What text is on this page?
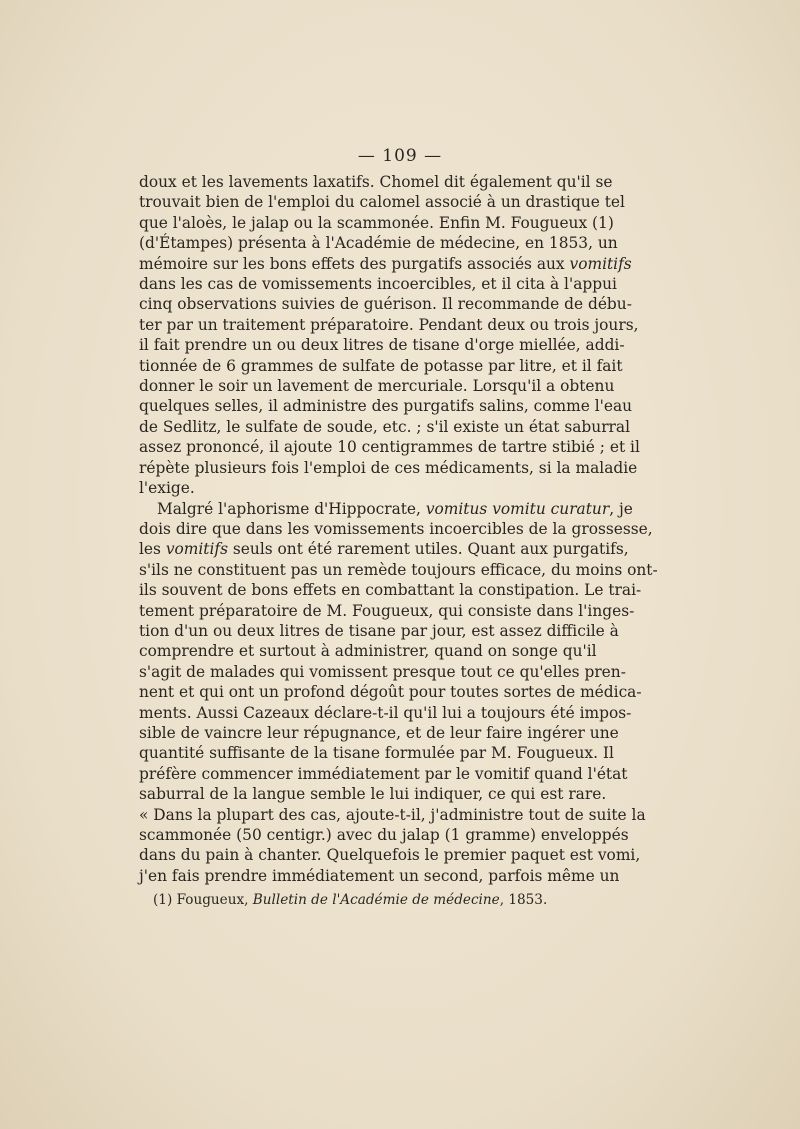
— 109 —
doux et les lavements laxatifs. Chomel dit également qu'il se
trouvait bien de l'emploi du calomel associé à un drastique tel
que l'aloès, le jalap ou la scammonée. Enfin M. Fougueux (1)
(d'Étampes) présenta à l'Académie de médecine, en 1853, un
mémoire sur les bons effets des purgatifs associés aux vomitifs
dans les cas de vomissements incoercibles, et il cita à l'appui
cinq observations suivies de guérison. Il recommande de débu-
ter par un traitement préparatoire. Pendant deux ou trois jours,
il fait prendre un ou deux litres de tisane d'orge miellée, addi-
tionnée de 6 grammes de sulfate de potasse par litre, et il fait
donner le soir un lavement de mercuriale. Lorsqu'il a obtenu
quelques selles, il administre des purgatifs salins, comme l'eau
de Sedlitz, le sulfate de soude, etc. ; s'il existe un état saburral
assez prononcé, il ajoute 10 centigrammes de tartre stibié ; et il
répète plusieurs fois l'emploi de ces médicaments, si la maladie
l'exige.
Malgré l'aphorisme d'Hippocrate, vomitus vomitu curatur, je
dois dire que dans les vomissements incoercibles de la grossesse,
les vomitifs seuls ont été rarement utiles. Quant aux purgatifs,
s'ils ne constituent pas un remède toujours efficace, du moins ont-
ils souvent de bons effets en combattant la constipation. Le trai-
tement préparatoire de M. Fougueux, qui consiste dans l'inges-
tion d'un ou deux litres de tisane par jour, est assez difficile à
comprendre et surtout à administrer, quand on songe qu'il
s'agit de malades qui vomissent presque tout ce qu'elles pren-
nent et qui ont un profond dégoût pour toutes sortes de médica-
ments. Aussi Cazeaux déclare-t-il qu'il lui a toujours été impos-
sible de vaincre leur répugnance, et de leur faire ingérer une
quantité suffisante de la tisane formulée par M. Fougueux. Il
préfère commencer immédiatement par le vomitif quand l'état
saburral de la langue semble le lui indiquer, ce qui est rare.
« Dans la plupart des cas, ajoute-t-il, j'administre tout de suite la
scammonée (50 centigr.) avec du jalap (1 gramme) enveloppés
dans du pain à chanter. Quelquefois le premier paquet est vomi,
j'en fais prendre immédiatement un second, parfois même un
(1) Fougueux, Bulletin de l'Académie de médecine, 1853.
